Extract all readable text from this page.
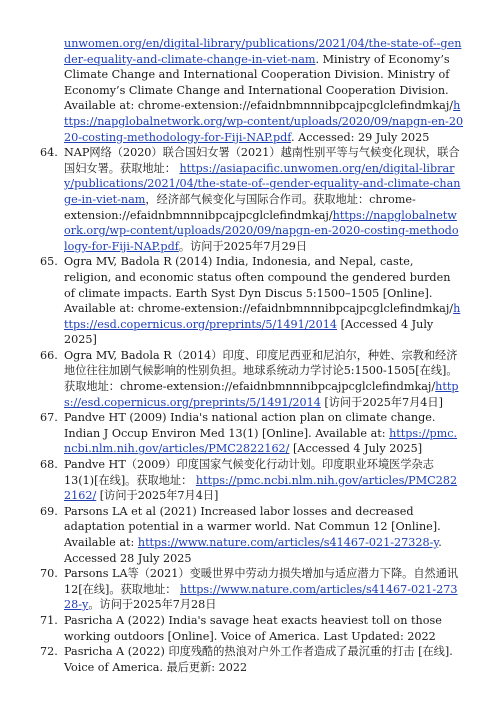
unwomen.org/en/digital-library/publications/2021/04/the-state-of--gender-equality-and-climate-change-in-viet-nam. Ministry of Economy’s Climate Change and International Cooperation Division. Ministry of Economy’s Climate Change and International Cooperation Division. Available at: chrome-extension://efaidnbmnnnibpcajpcglclefindmkaj/https://napglobalnetwork.org/wp-content/uploads/2020/09/napgn-en-2020-costing-methodology-for-Fiji-NAP.pdf. Accessed: 29 July 2025
64. NAP网络（2020）联合国妇女署（2021）越南性别平等与气候变化现状，联合国妇女署。获取地址： https://asiapacific.unwomen.org/en/digital-library/publications/2021/04/the-state-of--gender-equality-and-climate-change-in-viet-nam，经济部气候变化与国际合作司。获取地址：chrome-extension://efaidnbmnnnibpcajpcglclefindmkaj/https://napglobalnetwork.org/wp-content/uploads/2020/09/napgn-en-2020-costing-methodology-for-Fiji-NAP.pdf。访问于2025年7月29日
65. Ogra MV, Badola R (2014) India, Indonesia, and Nepal, caste, religion, and economic status often compound the gendered burden of climate impacts. Earth Syst Dyn Discus 5:1500–1505 [Online]. Available at: chrome-extension://efaidnbmnnnibpcajpcglclefindmkaj/https://esd.copernicus.org/preprints/5/1491/2014 [Accessed 4 July 2025]
66. Ogra MV, Badola R（2014）印度、印度尼西亚和尼泊尔，种姓、宗教和经济地位往往加剧气候影响的性别负担。地球系统动力学讨论5:1500-1505[在线]。获取地址：chrome-extension://efaidnbmnnnibpcajpcglclefindmkaj/https://esd.copernicus.org/preprints/5/1491/2014 [访问于2025年7月4日]
67. Pandve HT (2009) India's national action plan on climate change. Indian J Occup Environ Med 13(1) [Online]. Available at: https://pmc.ncbi.nlm.nih.gov/articles/PMC2822162/ [Accessed 4 July 2025]
68. Pandve HT（2009）印度国家气候变化行动计划。印度职业环境医学杂志13(1)[在线]。获取地址： https://pmc.ncbi.nlm.nih.gov/articles/PMC2822162/ [访问于2025年7月4日]
69. Parsons LA et al (2021) Increased labor losses and decreased adaptation potential in a warmer world. Nat Commun 12 [Online]. Available at: https://www.nature.com/articles/s41467-021-27328-y. Accessed 28 July 2025
70. Parsons LA等（2021）变暖世界中劳动力损失增加与适应潜力下降。自然通讯12[在线]。获取地址： https://www.nature.com/articles/s41467-021-27328-y。访问于2025年7月28日
71. Pasricha A (2022) India's savage heat exacts heaviest toll on those working outdoors [Online]. Voice of America. Last Updated: 2022
72. Pasricha A (2022) 印度残酷的热浪对户外工作者造成了最沉重的打击 [在线]. Voice of America. 最后更新: 2022
